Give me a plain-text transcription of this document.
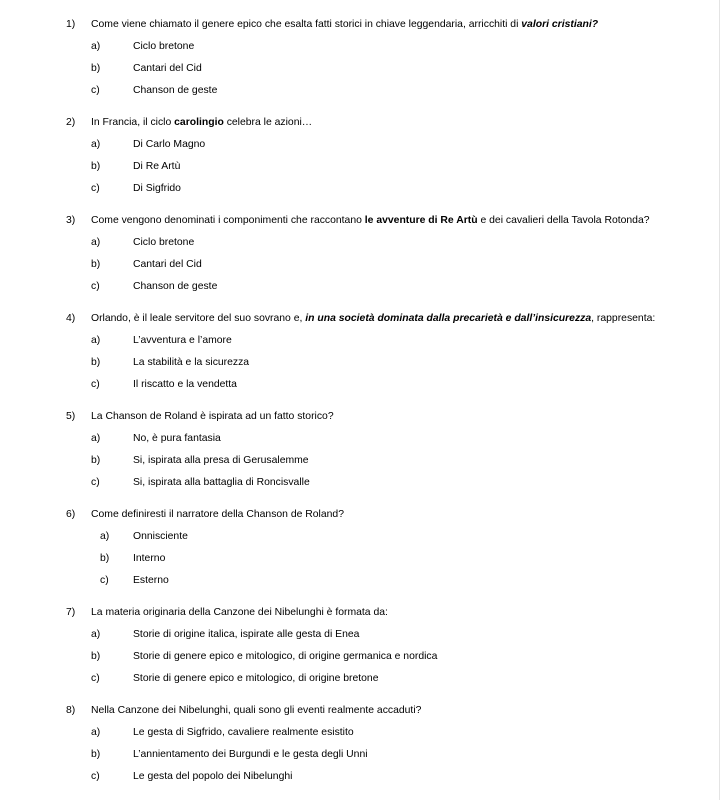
1) Come viene chiamato il genere epico che esalta fatti storici in chiave leggendaria, arricchiti di valori cristiani?
a)	Ciclo bretone
b)	Cantari del Cid
c)	Chanson de geste
2) In Francia, il ciclo carolingio celebra le azioni…
a)	Di Carlo Magno
b)	Di Re Artù
c)	Di Sigfrido
3) Come vengono denominati i componimenti che raccontano le avventure di Re Artù e dei cavalieri della Tavola Rotonda?
a)	Ciclo bretone
b)	Cantari del Cid
c)	Chanson de geste
4) Orlando, è il leale servitore del suo sovrano e, in una società dominata dalla precarietà e dall’insicurezza, rappresenta:
a)	L’avventura e l’amore
b)	La stabilità e la sicurezza
c)	Il riscatto e la vendetta
5) La Chanson de Roland è ispirata ad un fatto storico?
a)	No, è pura fantasia
b)	Si, ispirata alla presa di Gerusalemme
c)	Si, ispirata alla battaglia di Roncisvalle
6) Come definiresti il narratore della Chanson de Roland?
a) Onnisciente
b) Interno
c) Esterno
7) La materia originaria della Canzone dei Nibelunghi è formata da:
a)	Storie di origine italica, ispirate alle gesta di Enea
b)	Storie di genere epico e mitologico, di origine germanica e nordica
c)	Storie di genere epico e mitologico, di origine bretone
8) Nella Canzone dei Nibelunghi, quali sono gli eventi realmente accaduti?
a)	Le gesta di Sigfrido, cavaliere realmente esistito
b)	L’annientamento dei Burgundi e le gesta degli Unni
c)	Le gesta del popolo dei Nibelunghi
